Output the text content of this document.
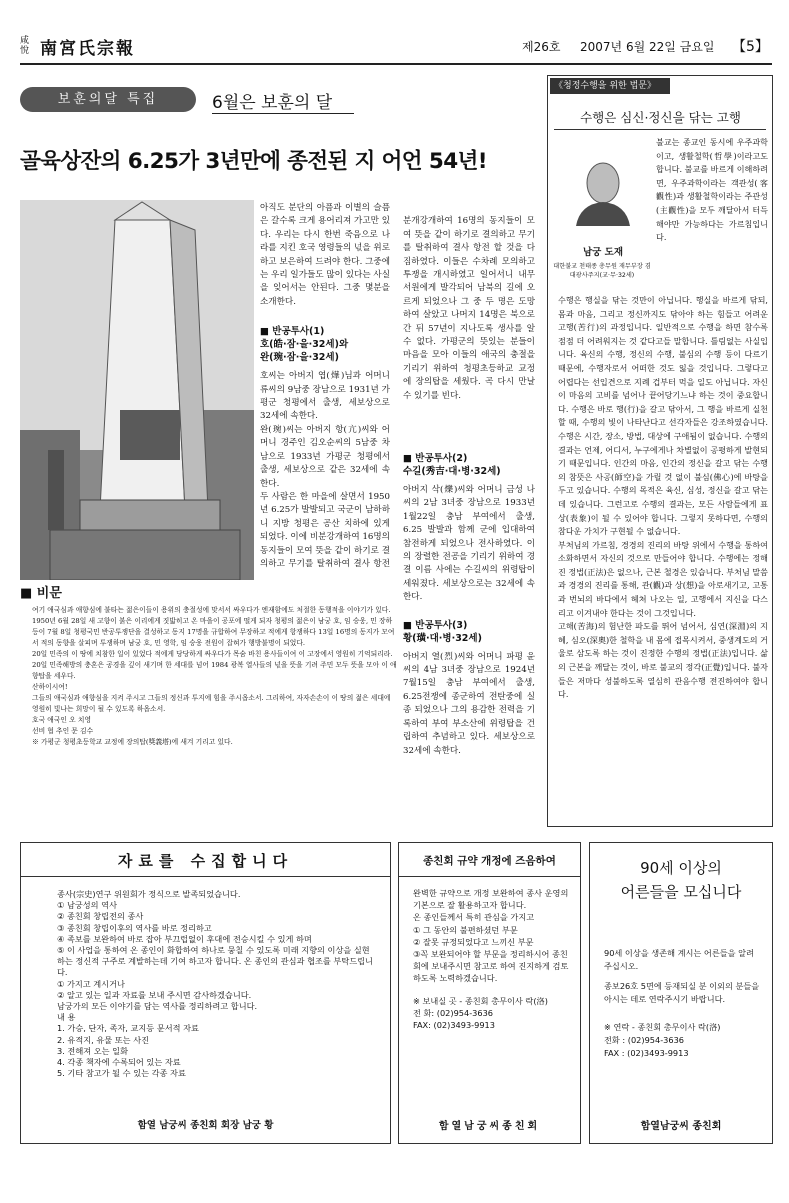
咸
悅 南宮氏宗報	제26호 2007년 6월 22일 금요일 【5】
보훈의달 특집	6월은 보훈의 달
골육상잔의 6.25가 3년만에 종전된 지 어언 54년!

아직도 분단의 아픔과 이별의 슬픔은 갈수록 크게 용어리져 가고만 있다. 우리는 다시 한번 죽음으로 나라를 지킨 호국 영령들의 넋을 위로하고 보은하여 드려야 한다. 그중에는 우리 일가들도 많이 있다는 사실을 잊어서는 안된다. 그중 몇분을 소개한다.

■ 반공투사(1)
호(皓·잠·을·32세)와
완(琬·잠·을·32세)

호씨는 아버지 엽(燁)님과 어머니 류씨의 9남중 장남으로 1931년 가평군 청평에서 출생, 세보상으로 32세에 속한다.
완(琬)씨는 아버지 항(亢)씨와 어머니 경주인 김오순씨의 5남중 차남으로 1933년 가평군 청평에서 출생, 세보상으로 같은 32세에 속한다.
두 사람은 한 마을에 살면서 1950년 6.25가 발발되고 국군이 남하하니 지방 청평은 공산 치하에 있게 되었다. 이에 비분강개하여 16명의 동지들이 모여 뜻을 같이 하기로 결의하고 무기를 탈취하여 결사 항전

분개강개하여 16명의 동지들이 모여 뜻을 같이 하기로 결의하고 무기를 탈취하여 결사 항전 할 것을 다짐하였다. 이들은 수차례 모의하고 투쟁을 개시하였고 일어서니 내무서원에게 발각되어 남북의 길에 오르게 되었으나 그 중 두 명은 도망하여 살았고 나머지 14명은 북으로 간 뒤 57년이 지나도록 생사를 알 수 없다. 가평군의 뜻있는 분들이 마음을 모아 이들의 애국의 충절을 기리기 위하여 청평초등하교 교정에 장의탑을 세웠다. 곡 다시 만날 수 있기를 빈다.

■ 반공투사(2)
수길(秀吉·대·병·32세)

아버지 삭(爍)씨와 어머니 금성 나씨의 2남 3녀중 장남으로 1933년 1월22일 충남 부여에서 출생, 6.25 발발과 함께 군에 입대하여 참전하게 되었으나 전사하였다. 이의 장렬한 전공을 기리기 위하여 경결 이름 사에는 수길씨의 위령탑이 세워졌다. 세보상으로는 32세에 속한다.

■ 반공투사(3)
황(璜·대·병·32세)

아버지 열(烈)씨와 어머니 파평 윤씨의 4남 3녀중 장남으로 1924년 7월15일 충남 부여에서 출생, 6.25전쟁에 종군하여 전탄중에 실종 되었으나 그의 용감한 전력을 기록하여 부여 부소산에 위령탑을 건립하여 추념하고 있다. 세보상으로 32세에 속한다.

■ 비문
여기 애국심과 애향심에 불타는 젊은이들이 용위의 충절성에 맞서서 싸우다가 엔재함에도 처절한 동행적을 이야기가 있다.
1950년 6월 28일 새 고향이 붉은 이리에게 짓밟히고 온 마을이 공포에 떨게 되자 청평의 젊은이 남궁 호, 임 승웅, 민 장하 등이 7월 8일 청평국민 반공투쟁단을 결성하고 동지 17명을 규합하여 무장하고 적에게 항쟁하다 13일 16명의 동지가 모여 서 적의 동향을 살피며 투쟁하며 남궁 호, 민 영학, 임 승웅 전원이 잡혀가 행방불명이 되었다.
20일 민족의 이 땅에 치참한 일이 있었다 적에게 당당하게 싸우다가 목숨 바친 용사들이여 이 고장에서 영원히 기억되리라.
20일 민족해방의 충혼은 공경을 깊이 새기며 한 세대를 넘어 1984 광복 열사들의 넋을 뜻을 기려 주민 모두 뜻을 모아 이 애향탑을 세우다.
산하이시여!
그들의 애국심과 애향심을 지켜 주시고 그들의 정신과 투지에 힘을 주시옵소서. 그리하여, 자자손손이 이 땅의 젊은 세대에 영원히 빛나는 희망이 될 수 있도록 하옵소서.
호국 애국인 오 치영
선비 협 추인 문 김수
※ 가평군 청평초등학교 교정에 장의탑(獎義塔)에 새겨 기리고 있다.
《청정수행을 위한 법문》
수행은 심신·정신을 닦는 고행
남궁 도재
대한불교 천태종 총무원 재무부장 겸
대광사주지(교·무·32세)

불교는 종교인 동시에 우주과학이고, 생활철학(哲學)이라고도 합니다. 불교를 바르게 이해하려면, 우주과학이라는 객관성(客觀性)과 생활철학이라는 주관성(主觀性)을 모두 깨달아서 터득해야만 가능하다는 가르침입니다.

수행은 행실을 닦는 것만이 아닙니다. 행실을 바르게 닦되, 몸과 마음, 그리고 정신까지도 닦아야 하는 힘들고 어려운 고행(苦行)의 과정입니다. 일반적으로 수행을 하면 참수록 점점 더 어려워지는 것 같다고들 말합니다. 틀림없는 사실입니다. 육신의 수행, 정신의 수행, 불심의 수행 등이 다르기 때문에, 수행자로서 어떠한 것도 잃을 것입니다. 그렇다고 어렵다는 선입견으로 지례 겁부터 먹을 일도 아닙니다. 자신이 마음의 고비를 넘어나 끝어당기느냐 하는 것이 중요합니다. 수행은 바로 행(行)을 갈고 닦아서, 그 행을 바르게 실천할 때, 수행의 빛이 나타난다고 선각자들은 강조하였습니다. 수행은 시간, 장소, 방법, 대상에 구애됨이 없습니다. 수행의 결과는 언제, 어디서, 누구에게나 차별없이 공평하게 발현되기 때문입니다. 인간의 마음, 인간의 정신을 갈고 닦는 수행의 참뜻은 사공(師空)을 가릴 것 없이 불심(佛心)에 바탕을 두고 있습니다. 수행의 목적은 육신, 심성, 정신을 갈고 닦는 데 있습니다. 그런고로 수행의 결과는, 모든 사람들에게 표상(表象)이 될 수 있어야 합니다. 그렇지 못하다면, 수행의 참다운 가치가 구현될 수 없습니다.
부처님의 가르침, 경경의 진리의 바탕 위에서 수행을 통하여 소화하면서 자신의 것으로 만들어야 합니다. 수행에는 정해진 정법(正法)은 없으나, 근본 철경은 있습니다. 부처님 말씀과 경경의 진리를 통해, 관(觀)과 상(想)을 아로새기고, 고통과 번뇌의 바다에서 헤쳐 나오는 일, 고행에서 지신을 다스리고 이겨내야 한다는 것이 그것입니다.
고해(苦海)의 험난한 파도를 뛰어 넘어서, 심연(深淵)의 지혜, 심오(深奧)한 철학을 내 몸에 접목시켜서, 중생계도의 거울로 삼도록 하는 것이 진정한 수행의 정법(正法)입니다. 삶의 근본을 깨달는 것이, 바로 불교의 정각(正覺)입니다. 불자들은 저마다 성불하도록 열심히 관음수행 전진하여야 합니다.

자료를 수집합니다
종사(宗史)연구 위원회가 정식으로 발족되었습니다.
① 남궁성의 역사
② 종친회 창립전의 종사
③ 종친회 창립이후의 역사를 바로 정리하고
④ 족보를 보완하여 바로 잡아 부끄럽없이 후대에 전승시킬 수 있게 하며
⑤ 이 사업을 통하여 온 종인이 화합하여 하나로 뭉칠 수 있도록 미래 지향의 이상을 실현하는 정신적 구주로 계발하는데 기여 하고자 합니다. 온 종인의 관심과 협조를 부탁드립니다.
① 가지고 계시거나
② 알고 있는 일과 자료를 보내 주시면 감사하겠습니다.
남궁가의 모든 이야기를 담는 역사를 정리하려고 합니다.
내 용
1. 가승, 단자, 족자, 교지등 문서적 자료
2. 유적지, 유물 또는 사진
3. 전해져 오는 일화
4. 각종 책자에 수록되어 있는 자료
5. 기타 참고가 될 수 있는 각종 자료
함열 남궁씨 종친회 회장 남궁 황
종친회 규약 개정에 즈음하여
완벽한 규약으로 개정 보완하여 종사 운영의 기본으로 잘 활용하고자 합니다.
온 종인들께서 특히 관심을 가지고
① 그 동안의 불편하셨던 부문
② 잘못 규정되었다고 느끼신 부문
③꼭 보완되어야 할 부문을 정리하시어 종친회에 보내주시면 참고로 하여 진지하게 검토하도록 노력하겠습니다.
※ 보내실 곳 - 종친회 총무이사 락(洛)
전 화: (02)954-3636
FAX: (02)3493-9913
함열남궁씨종친회
90세 이상의
어른들을 모십니다
90세 이상을 생존해 계시는 어른들을 알려 주십시오.
종보26호 5면에 등재되실 분 이외의 분들을 아시는 데로 연락주시기 바랍니다.
※ 연락 - 종친회 총무이사 락(洛)
전화 : (02)954-3636
FAX : (02)3493-9913
함열남궁씨 종친회
